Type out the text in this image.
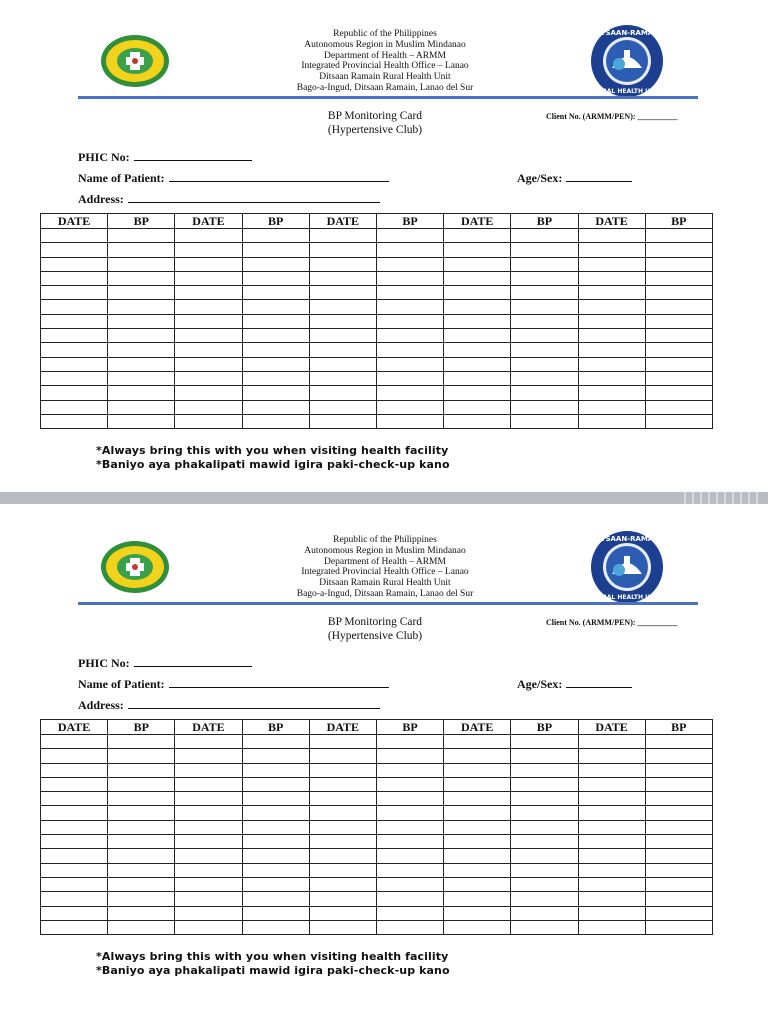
Republic of the Philippines
Autonomous Region in Muslim Mindanao
Department of Health – ARMM
Integrated Provincial Health Office – Lanao
Ditsaan Ramain Rural Health Unit
Bago-a-Ingud, Ditsaan Ramain, Lanao del Sur
DITSAAN-RAMAIN
RURAL HEALTH UNIT
BP Monitoring Card
(Hypertensive Club)
Client No. (ARMM/PEN): __________
PHIC No:
Name of Patient:	Age/Sex:
Address:
DATE	BP	DATE	BP	DATE	BP	DATE	BP	DATE	BP

*Always bring this with you when visiting health facility
*Baniyo aya phakalipati mawid igira paki-check-up kano
Republic of the Philippines
Autonomous Region in Muslim Mindanao
Department of Health – ARMM
Integrated Provincial Health Office – Lanao
Ditsaan Ramain Rural Health Unit
Bago-a-Ingud, Ditsaan Ramain, Lanao del Sur
DITSAAN-RAMAIN
RURAL HEALTH UNIT
BP Monitoring Card
(Hypertensive Club)
Client No. (ARMM/PEN): __________
PHIC No:
Name of Patient:	Age/Sex:
Address:
DATE	BP	DATE	BP	DATE	BP	DATE	BP	DATE	BP

*Always bring this with you when visiting health facility
*Baniyo aya phakalipati mawid igira paki-check-up kano
